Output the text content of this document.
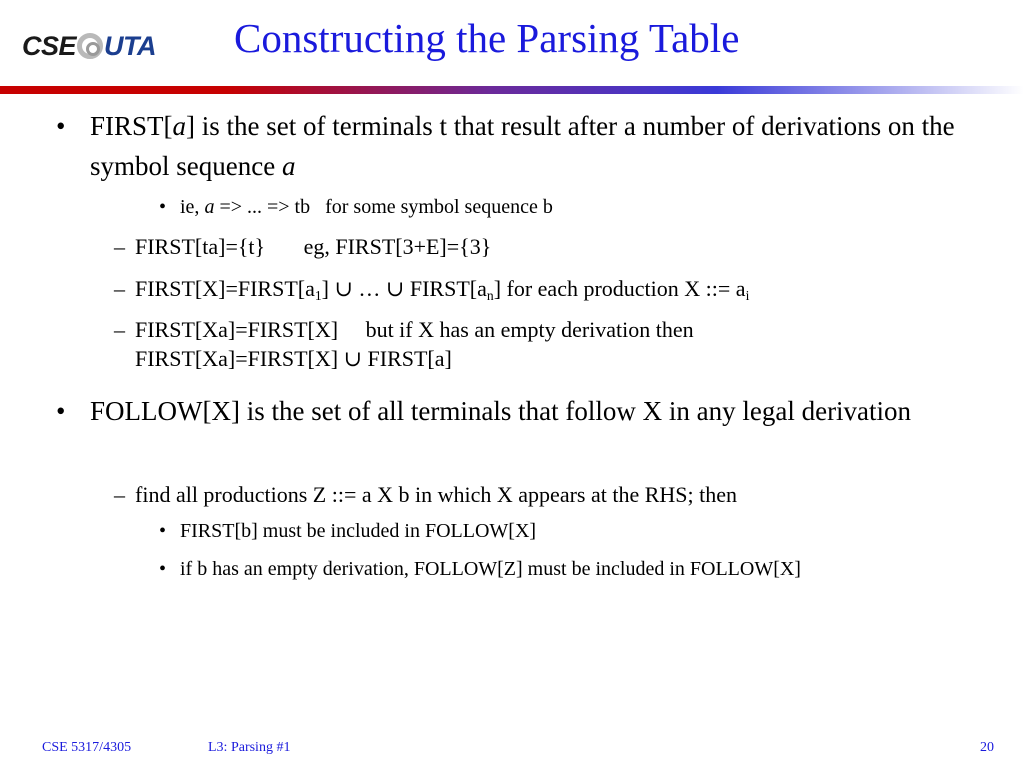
CSE UTA Constructing the Parsing Table
• FIRST[a] is the set of terminals t that result after a number of derivations on the symbol sequence a
• ie, a => ... => tb   for some symbol sequence b
– FIRST[ta]={t}       eg, FIRST[3+E]={3}
– $FIRST[X]=FIRST[a_1]$ ∪ … ∪ $FIRST[a_n]$ for each production X ::= $a_i$
– FIRST[Xa]=FIRST[X]     but if X has an empty derivation then
FIRST[Xa]=FIRST[X] ∪ FIRST[a]
• FOLLOW[X] is the set of all terminals that follow X in any legal derivation
– find all productions Z ::= a X b in which X appears at the RHS; then
• FIRST[b] must be included in FOLLOW[X]
• if b has an empty derivation, FOLLOW[Z] must be included in FOLLOW[X]
CSE 5317/4305	L3: Parsing #1	20
